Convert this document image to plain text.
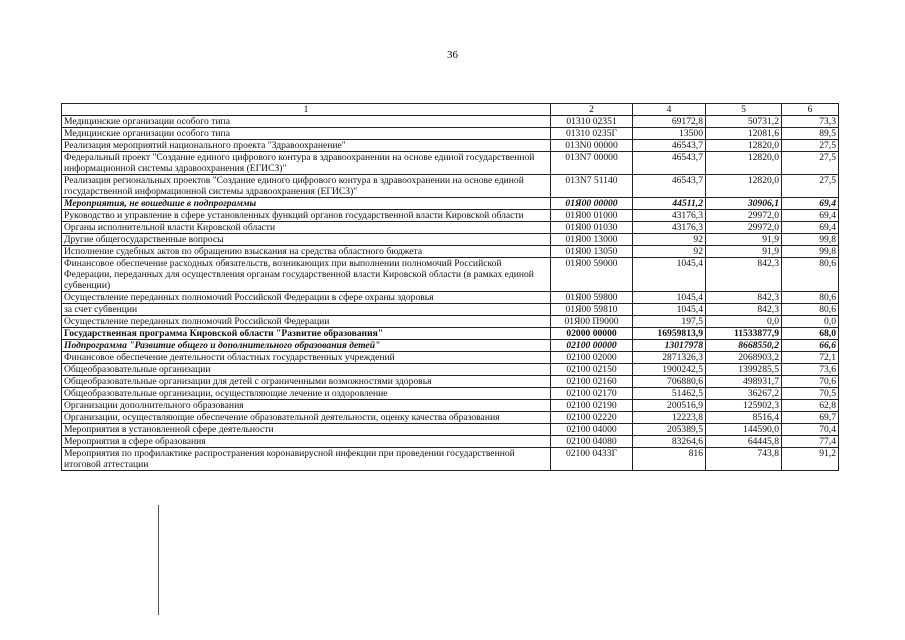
36
1	2	4	5	6
Медицинские организации особого типа	01310 02351	69172,8	50731,2	73,3
Медицинские организации особого типа	01310 0235Г	13500	12081,6	89,5
Реализация мероприятий национального проекта "Здравоохранение"	013N0 00000	46543,7	12820,0	27,5
Федеральный проект "Создание единого цифрового контура в здравоохранении на основе единой государственной информационной системы здравоохранения (ЕГИСЗ)"	013N7 00000	46543,7	12820,0	27,5
Реализация региональных проектов "Создание единого цифрового контура в здравоохранении на основе единой государственной информационной системы здравоохранения (ЕГИСЗ)"	013N7 51140	46543,7	12820,0	27,5
Мероприятия, не вошедшие в подпрограммы	01Я00 00000	44511,2	30906,1	69,4
Руководство и управление в сфере установленных функций органов государственной власти Кировской области	01Я00 01000	43176,3	29972,0	69,4
Органы исполнительной власти Кировской области	01Я00 01030	43176,3	29972,0	69,4
Другие общегосударственные вопросы	01Я00 13000	92	91,9	99,8
Исполнение судебных актов по обращению взыскания на средства областного бюджета	01Я00 13050	92	91,9	99,8
Финансовое обеспечение расходных обязательств, возникающих при выполнении полномочий Российской Федерации, переданных для осуществления органам государственной власти Кировской области (в рамках единой субвенции)	01Я00 59000	1045,4	842,3	80,6
Осуществление переданных полномочий Российской Федерации в сфере охраны здоровья	01Я00 59800	1045,4	842,3	80,6
за счет субвенции	01Я00 59810	1045,4	842,3	80,6
Осуществление переданных полномочий Российской Федерации	01Я00 П9000	197,5	0,0	0,0
Государственная программа Кировской области "Развитие образования"	02000 00000	16959813,9	11533877,9	68,0
Подпрограмма "Развитие общего и дополнительного образования детей"	02100 00000	13017978	8668550,2	66,6
Финансовое обеспечение деятельности областных государственных учреждений	02100 02000	2871326,3	2068903,2	72,1
Общеобразовательные организации	02100 02150	1900242,5	1399285,5	73,6
Общеобразовательные организации для детей с ограниченными возможностями здоровья	02100 02160	706880,6	498931,7	70,6
Общеобразовательные организации, осуществляющие лечение и оздоровление	02100 02170	51462,5	36267,2	70,5
Организации дополнительного образования	02100 02190	200516,9	125902,3	62,8
Организации, осуществляющие обеспечение образовательной деятельности, оценку качества образования	02100 02220	12223,8	8516,4	69,7
Мероприятия в установленной сфере деятельности	02100 04000	205389,5	144590,0	70,4
Мероприятия в сфере образования	02100 04080	83264,6	64445,8	77,4
Мероприятия по профилактике распространения коронавирусной инфекции при проведении государственной итоговой аттестации	02100 0433Г	816	743,8	91,2
